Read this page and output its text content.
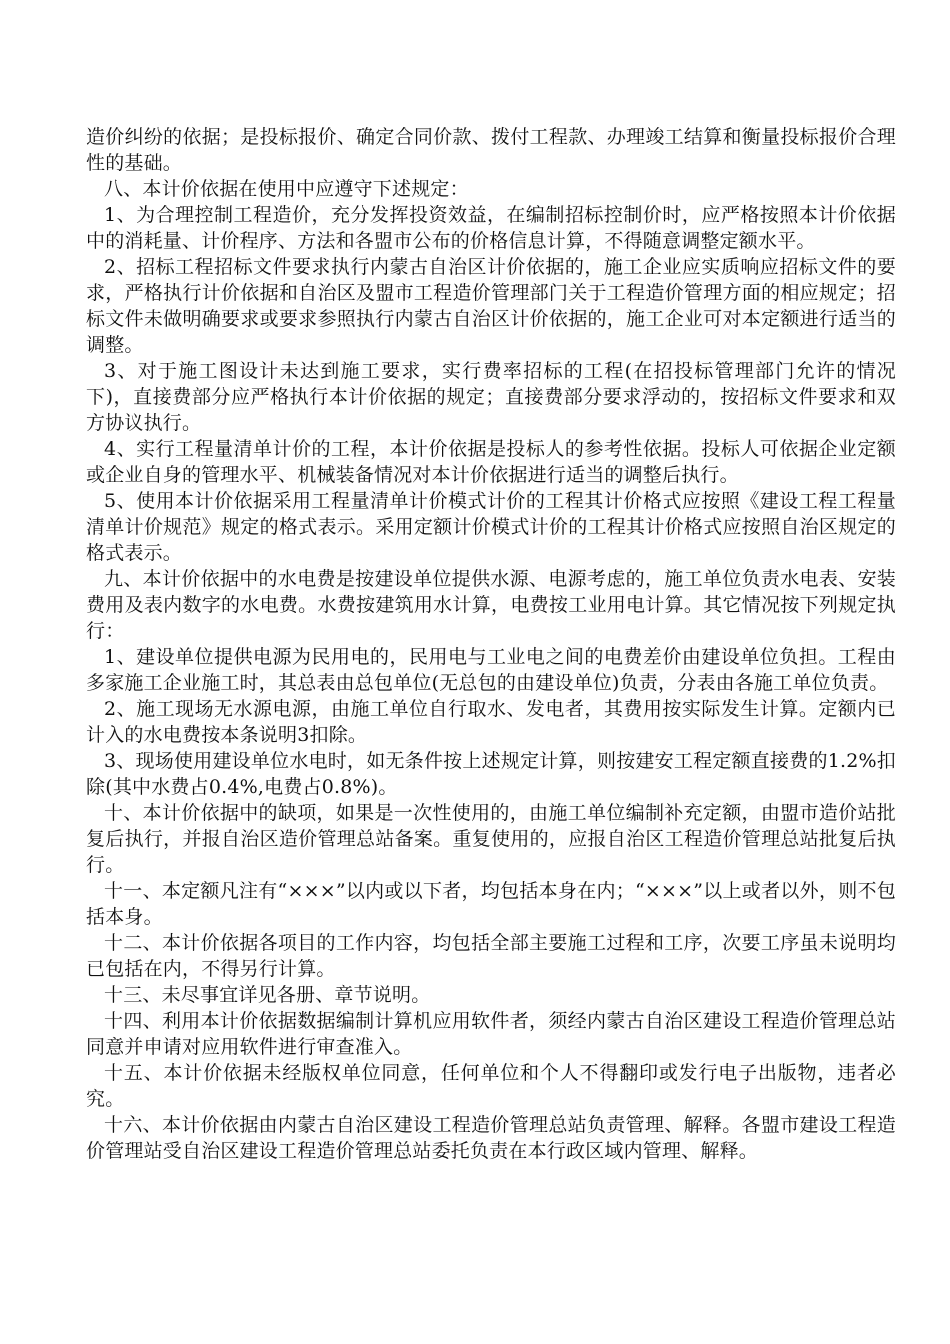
造价纠纷的依据；是投标报价、确定合同价款、拨付工程款、办理竣工结算和衡量投标报价合理性的基础。

八、本计价依据在使用中应遵守下述规定：

1、为合理控制工程造价，充分发挥投资效益，在编制招标控制价时，应严格按照本计价依据中的消耗量、计价程序、方法和各盟市公布的价格信息计算，不得随意调整定额水平。

2、招标工程招标文件要求执行内蒙古自治区计价依据的，施工企业应实质响应招标文件的要求，严格执行计价依据和自治区及盟市工程造价管理部门关于工程造价管理方面的相应规定；招标文件未做明确要求或要求参照执行内蒙古自治区计价依据的，施工企业可对本定额进行适当的调整。

3、对于施工图设计未达到施工要求，实行费率招标的工程(在招投标管理部门允许的情况下)，直接费部分应严格执行本计价依据的规定；直接费部分要求浮动的，按招标文件要求和双方协议执行。

4、实行工程量清单计价的工程，本计价依据是投标人的参考性依据。投标人可依据企业定额或企业自身的管理水平、机械装备情况对本计价依据进行适当的调整后执行。

5、使用本计价依据采用工程量清单计价模式计价的工程其计价格式应按照《建设工程工程量清单计价规范》规定的格式表示。采用定额计价模式计价的工程其计价格式应按照自治区规定的格式表示。

九、本计价依据中的水电费是按建设单位提供水源、电源考虑的，施工单位负责水电表、安装费用及表内数字的水电费。水费按建筑用水计算，电费按工业用电计算。其它情况按下列规定执行：

1、建设单位提供电源为民用电的，民用电与工业电之间的电费差价由建设单位负担。工程由多家施工企业施工时，其总表由总包单位(无总包的由建设单位)负责，分表由各施工单位负责。

2、施工现场无水源电源，由施工单位自行取水、发电者，其费用按实际发生计算。定额内已计入的水电费按本条说明3扣除。

3、现场使用建设单位水电时，如无条件按上述规定计算，则按建安工程定额直接费的1.2%扣除(其中水费占0.4%,电费占0.8%)。

十、本计价依据中的缺项，如果是一次性使用的，由施工单位编制补充定额，由盟市造价站批复后执行，并报自治区造价管理总站备案。重复使用的，应报自治区工程造价管理总站批复后执行。

十一、本定额凡注有“×××”以内或以下者，均包括本身在内；“×××”以上或者以外，则不包括本身。

十二、本计价依据各项目的工作内容，均包括全部主要施工过程和工序，次要工序虽未说明均已包括在内，不得另行计算。

十三、未尽事宜详见各册、章节说明。

十四、利用本计价依据数据编制计算机应用软件者，须经内蒙古自治区建设工程造价管理总站同意并申请对应用软件进行审查准入。

十五、本计价依据未经版权单位同意，任何单位和个人不得翻印或发行电子出版物，违者必究。

十六、本计价依据由内蒙古自治区建设工程造价管理总站负责管理、解释。各盟市建设工程造价管理站受自治区建设工程造价管理总站委托负责在本行政区域内管理、解释。
